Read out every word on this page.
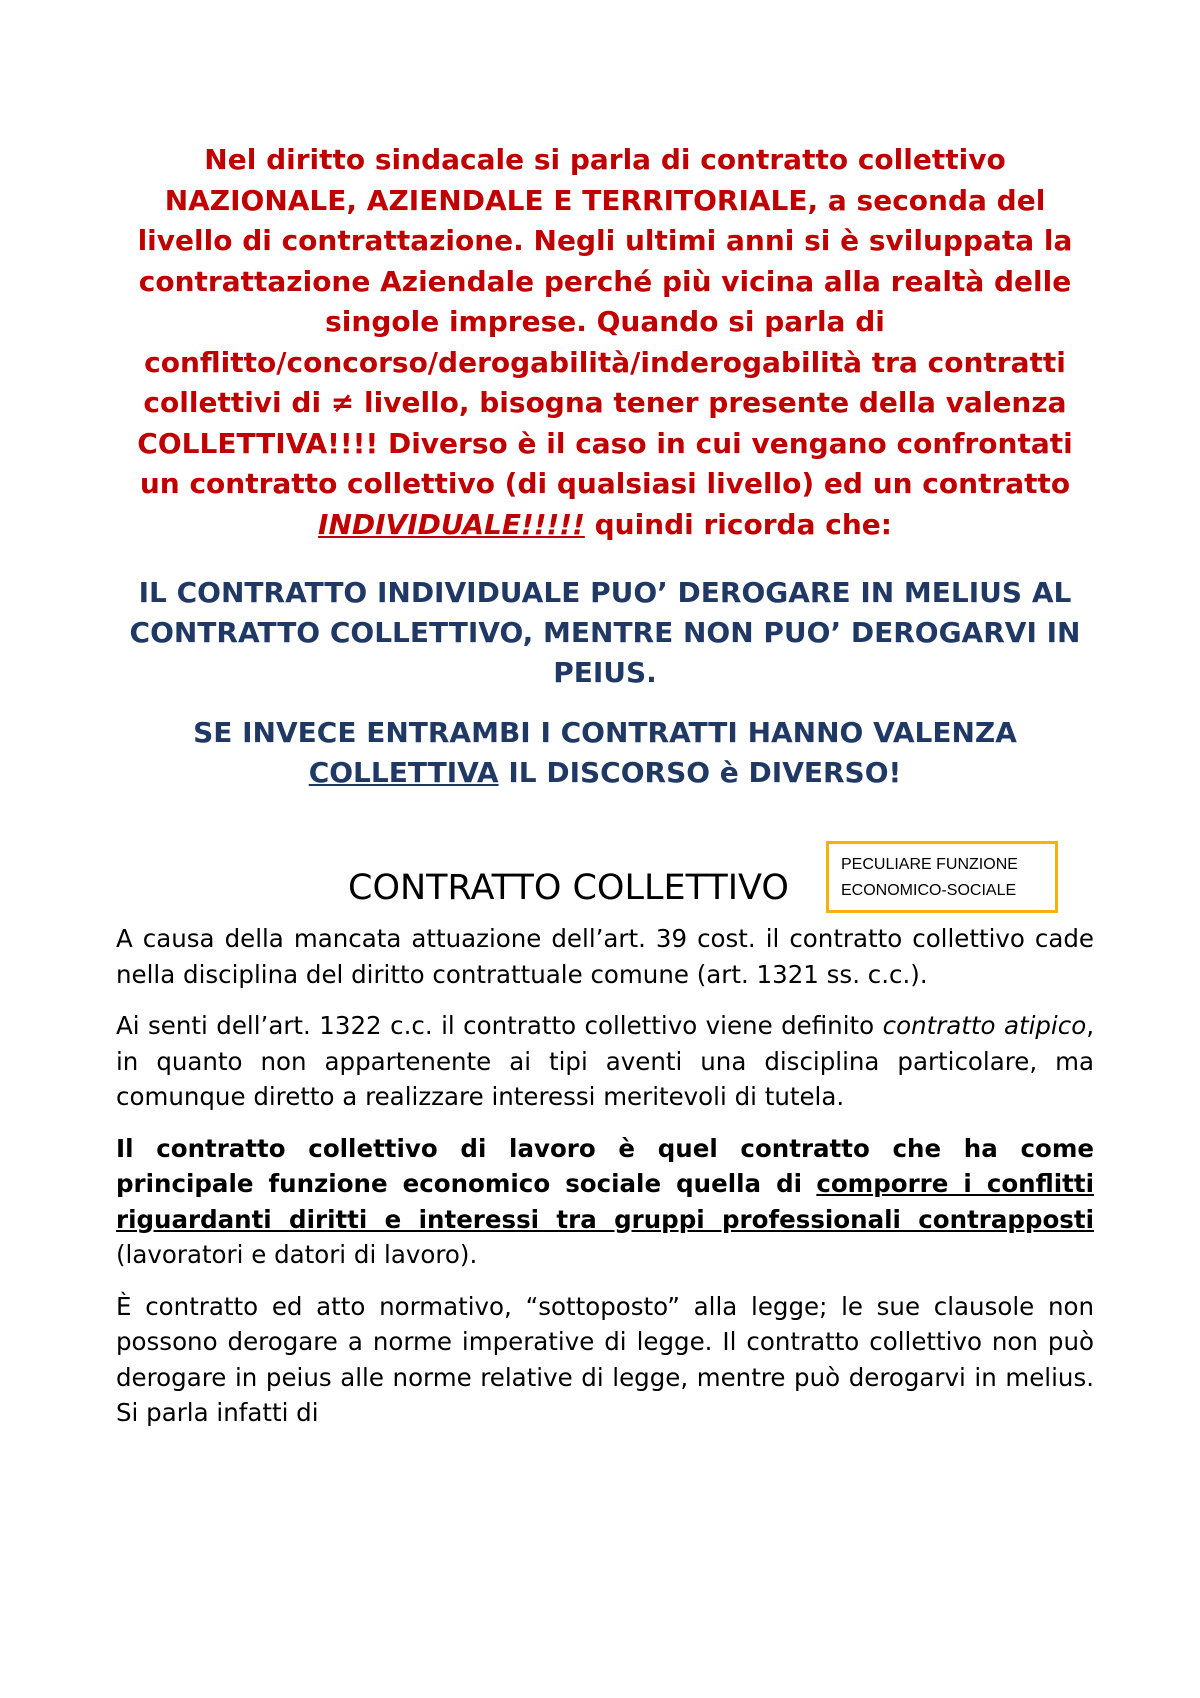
Nel diritto sindacale si parla di contratto collettivo NAZIONALE, AZIENDALE E TERRITORIALE, a seconda del livello di contrattazione. Negli ultimi anni si è sviluppata la contrattazione Aziendale perché più vicina alla realtà delle singole imprese. Quando si parla di conflitto/concorso/derogabilità/inderogabilità tra contratti collettivi di ≠ livello, bisogna tener presente della valenza COLLETTIVA!!!! Diverso è il caso in cui vengano confrontati un contratto collettivo (di qualsiasi livello) ed un contratto INDIVIDUALE!!!!! quindi ricorda che:

IL CONTRATTO INDIVIDUALE PUO’ DEROGARE IN MELIUS AL CONTRATTO COLLETTIVO, MENTRE NON PUO’ DEROGARVI IN PEIUS.

SE INVECE ENTRAMBI I CONTRATTI HANNO VALENZA COLLETTIVA IL DISCORSO è DIVERSO!

CONTRATTO COLLETTIVO
PECULIARE FUNZIONE
ECONOMICO-SOCIALE

A causa della mancata attuazione dell’art. 39 cost. il contratto collettivo cade nella disciplina del diritto contrattuale comune (art. 1321 ss. c.c.).

Ai senti dell’art. 1322 c.c. il contratto collettivo viene definito contratto atipico, in quanto non appartenente ai tipi aventi una disciplina particolare, ma comunque diretto a realizzare interessi meritevoli di tutela.

Il contratto collettivo di lavoro è quel contratto che ha come principale funzione economico sociale quella di comporre i conflitti riguardanti diritti e interessi tra gruppi professionali contrapposti (lavoratori e datori di lavoro).

È contratto ed atto normativo, “sottoposto” alla legge; le sue clausole non possono derogare a norme imperative di legge. Il contratto collettivo non può derogare in peius alle norme relative di legge, mentre può derogarvi in melius. Si parla infatti di
